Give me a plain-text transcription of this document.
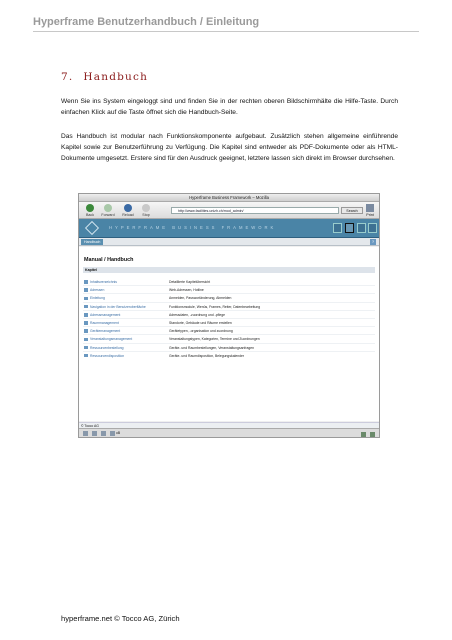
Hyperframe Benutzerhandbuch / Einleitung
7. Handbuch

Wenn Sie ins System eingeloggt sind und finden Sie in der rechten oberen Bildschirmhälte die Hilfe-Taste. Durch einfachen Klick auf die Taste öffnet sich die Handbuch-Seite.

Das Handbuch ist modular nach Funktionskomponente aufgebaut. Zusätzlich stehen allgemeine einführende Kapitel sowie zur Benutzerführung zu Verfügung. Die Kapitel sind entweder als PDF-Dokumente oder als HTML-Dokumente umgesetzt. Erstere sind für den Ausdruck geeignet, letztere lassen sich direkt im Browser durchsehen.

Hyperframe Business Framework – Mozilla
Back	Forward	Reload	Stop
http://www.facilities.unizh.ch/mod_admin/	Search
Print
HYPERFRAME BUSINESS FRAMEWORK
Handbuch	?
Manual / Handbuch
Kapitel
Inhaltsverzeichnis	Detaillierte Kapitelübersicht
Adressen	Web-Adressen, Hotline
Einleitung	Anmelden, Passwortänderung, Abmelden
Navigation in der Benutzeroberfläche	Funktionsmodule, Wenüs, Frames, Reiter, Datenbearbeitung
Adressmanagement	Adressdaten, -zuordnung und -pflege
Raummanagement	Standorte, Gebäude und Räume erstellen
Gerätemanagement	Gerätetypen, -organisation und zuordnung
Veranstaltungsmanagement	Veranstaltungstypen, Kategorien, Termine und Zuordnungen
Ressourcenbestellung	Geräte- und Raumbestellungen, Veranstaltungsanfragen
Ressourcendisposition	Geräte- und Raumdisposition, Belegungskalender
© Tocco AG
oB
hyperframe.net © Tocco AG, Zürich
